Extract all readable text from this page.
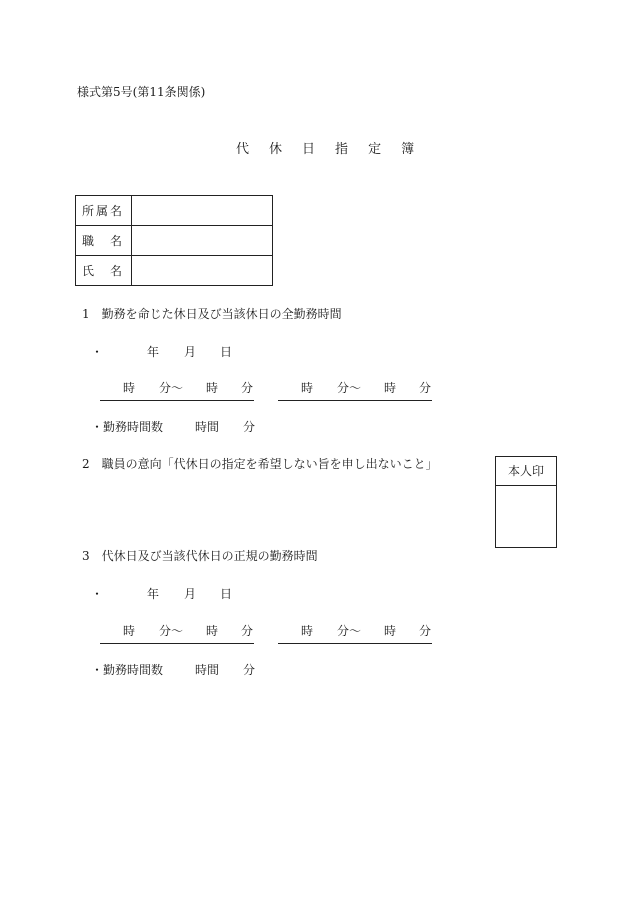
様式第5号(第11条関係)
代 休 日 指 定 簿
所 属 名	

職 名	

氏 名	

1　勤務を命じた休日及び当該休日の全勤務時間
・	年 月 日
時 分〜 時 分	時 分〜 時 分
・勤務時間数	時間 分
2　職員の意向「代休日の指定を希望しない旨を申し出ないこと」	本人印
3　代休日及び当該代休日の正規の勤務時間
・	年 月 日
時 分〜 時 分	時 分〜 時 分
・勤務時間数	時間 分
